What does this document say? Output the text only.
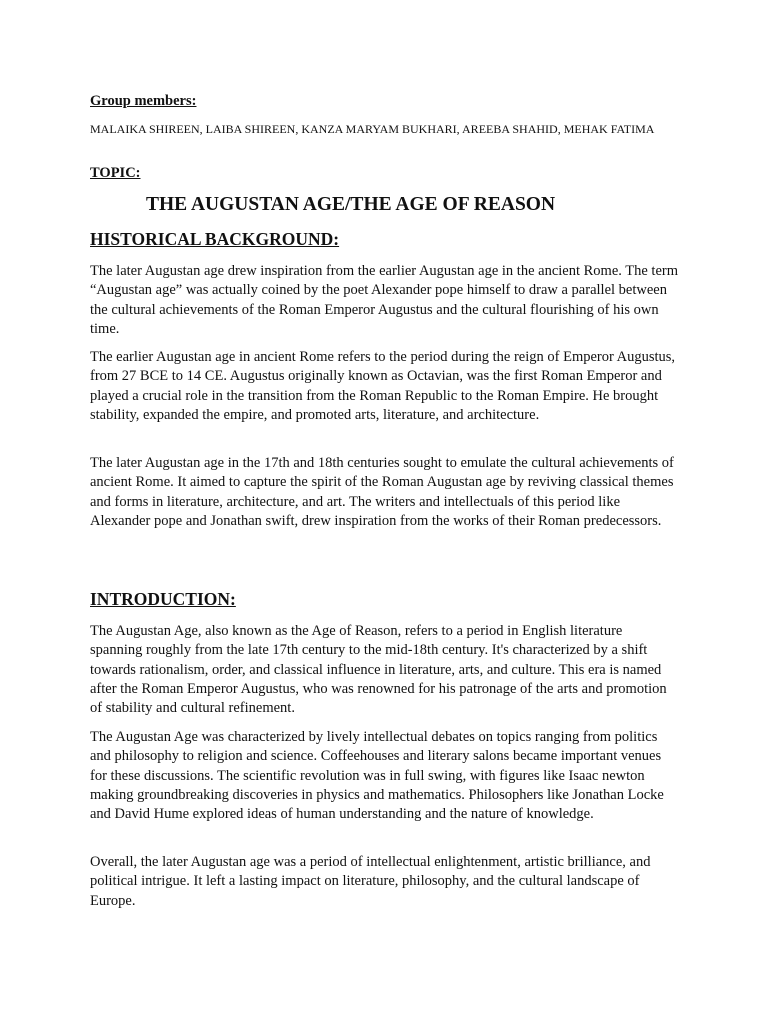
Group members:

MALAIKA SHIREEN, LAIBA SHIREEN, KANZA MARYAM BUKHARI, AREEBA SHAHID, MEHAK FATIMA

TOPIC:

THE AUGUSTAN AGE/THE AGE OF REASON
HISTORICAL BACKGROUND:

The later Augustan age drew inspiration from the earlier Augustan age in the ancient Rome. The term “Augustan age” was actually coined by the poet Alexander pope himself to draw a parallel between the cultural achievements of the Roman Emperor Augustus and the cultural flourishing of his own time.

The earlier Augustan age in ancient Rome refers to the period during the reign of Emperor Augustus, from 27 BCE to 14 CE. Augustus originally known as Octavian, was the first Roman Emperor and played a crucial role in the transition from the Roman Republic to the Roman Empire. He brought stability, expanded the empire, and promoted arts, literature, and architecture.

The later Augustan age in the 17th and 18th centuries sought to emulate the cultural achievements of ancient Rome. It aimed to capture the spirit of the Roman Augustan age by reviving classical themes and forms in literature, architecture, and art. The writers and intellectuals of this period like Alexander pope and Jonathan swift, drew inspiration from the works of their Roman predecessors.

INTRODUCTION:

The Augustan Age, also known as the Age of Reason, refers to a period in English literature spanning roughly from the late 17th century to the mid-18th century. It's characterized by a shift towards rationalism, order, and classical influence in literature, arts, and culture. This era is named after the Roman Emperor Augustus, who was renowned for his patronage of the arts and promotion of stability and cultural refinement.

The Augustan Age was characterized by lively intellectual debates on topics ranging from politics and philosophy to religion and science. Coffeehouses and literary salons became important venues for these discussions. The scientific revolution was in full swing, with figures like Isaac newton making groundbreaking discoveries in physics and mathematics. Philosophers like Jonathan Locke and David Hume explored ideas of human understanding and the nature of knowledge.

Overall, the later Augustan age was a period of intellectual enlightenment, artistic brilliance, and political intrigue. It left a lasting impact on literature, philosophy, and the cultural landscape of Europe.
